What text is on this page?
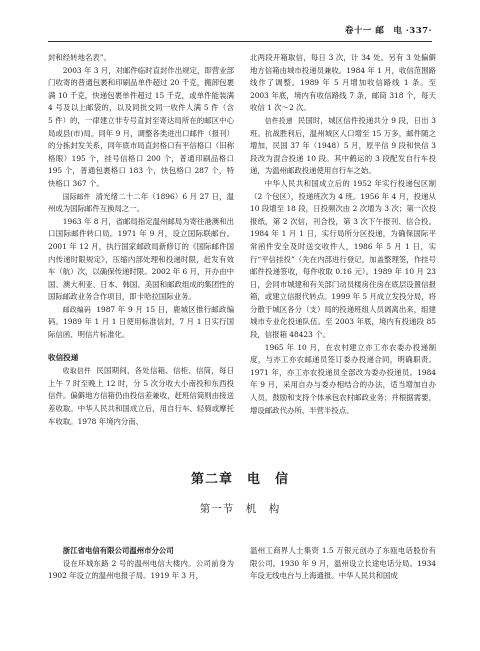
卷十一 邮　电 ·337·

封和经转地名表”。

2003 年 3 月，对邮件临时直封作出规定，即营业部门收寄的普通包裹和印刷品单件超过 20 千克，搬卸包裹满 10 千克，快递包裹单件超过 15 千克，或单件能装满 4 号及以上邮袋的，以及同批交同一收件人满 5 件（含 5 件）的，一律建立非专号直封至寄达局所在的邮区中心局或县(市)局。同年 9 月，调整各类进出口邮件（报刊）的分拣封发关系，同年底市局直封格口有平信格口（旧称格眼）195 个，挂号信格口 200 个，普通印刷品格口 195 个，普通包裹格口 183 个，快包格口 287 个，特快格口 367 个。

国际邮件 清光绪二十二年（1896）6 月 27 日，温州成为国际邮件互换局之一。

1963 年 8 月，省邮局指定温州邮局为寄往港澳和出口国际邮件转口局。1971 年 9 月，设立国际联邮台。2001 年 12 月，执行国家邮政局新修订的《国际邮件国内传递时限规定》，压缩内部处理和投递时限，赶发有效车（航）次，以确保传递时限。2002 年 6 月，开办由中国、澳大利亚、日本、韩国、美国和邮政组成的集团性的国际邮政业务合作项目，即卡哈拉国际业务。

邮政编码 1987 年 9 月 15 日，鹿城区推行邮政编码。1989 年 1 月 1 日使用标准信封，7 月 1 日实行国际信函、明信片标准化。

收信投递

收取信件 民国期间，各处信箱、信柜、信筒，每日上午 7 时至晚上 12 时，分 5 次分收大小南投和东西投信件。偏僻地方信箱仍由投信差兼收，赶班信筒则由接送差收取。中华人民共和国成立后，用自行车、轻骑或摩托车收取。1978 年境内分南、

北两段开箱取信，每日 3 次，计 34 处。另有 3 处偏僻地方信箱由城市投递员兼收。1984 年 1 月，收信范围路线作了调整。1989 年 5 月增加收信路线 1 条。至 2003 年底，境内有收信路线 7 条，邮筒 318 个，每天收信 1 次～2 次。

信件投递 民国时，城区信件投递共分 9 段，日出 3 班。抗战胜利后，温州城区人口增至 15 万多，邮件随之增加，民国 37 年（1948）5 月，原平信 9 段和快信 3 段改为混合投递 10 段。其中鹤运的 3 段配发自行车投递，为温州邮政投递使用自行车之始。

中华人民共和国成立后的 1952 年实行投递包区制（2 个包区），投递班次为 4 班。1956 年 4 月，投递从 10 段增至 18 段，日投频次由 2 次增为 3 次；第一次投报纸，第 2 次信，刊合投，第 3 次下午报刊、信合投。1984 年 1 月 1 日，实行局所分区投递，为确保国际平常函件安全及时送交收件人，1986 年 5 月 1 日，实行“平信挂投”（先在内部进行登记，加盖整理签，作挂号邮件投递签收，每件收取 0.16 元）。1989 年 10 月 23 日，会同市城建和有关部门动员楼房住房在底层设置信报箱，或建立信报代转点。1999 年 5 月成立发投分局，将分散于城区各分（支）局的投递班组人员调离出来，组建城市专业化投递队伍。至 2003 年底，境内有投递段 85 段，信报箱 48423 个。

1965 年 10 月，在农村建立亦工亦农委办投递制度，与亦工亦农邮递员签订委办投递合同，明确职责。1971 年，亦工亦农投递员全部改为委办投递员。1984 年 9 月，采用自办与委办相结合的办法，适当增加自办人员，鼓励和支持个体承包农村邮政业务；并根据需要，增设邮政代办所、半营半投点、

第二章　电　信
第一节　机　构

浙江省电信有限公司温州市分公司

设在环城东路 2 号的温州电信大楼内。公司前身为 1902 年设立的温州电报子局。1919 年 3 月，

温州工商界人士集资 1.5 万银元创办了东瓯电话股份有限公司。1930 年 9 月，温州设立长途电话分局。1934 年设无线电台与上海通报。中华人民共和国成
